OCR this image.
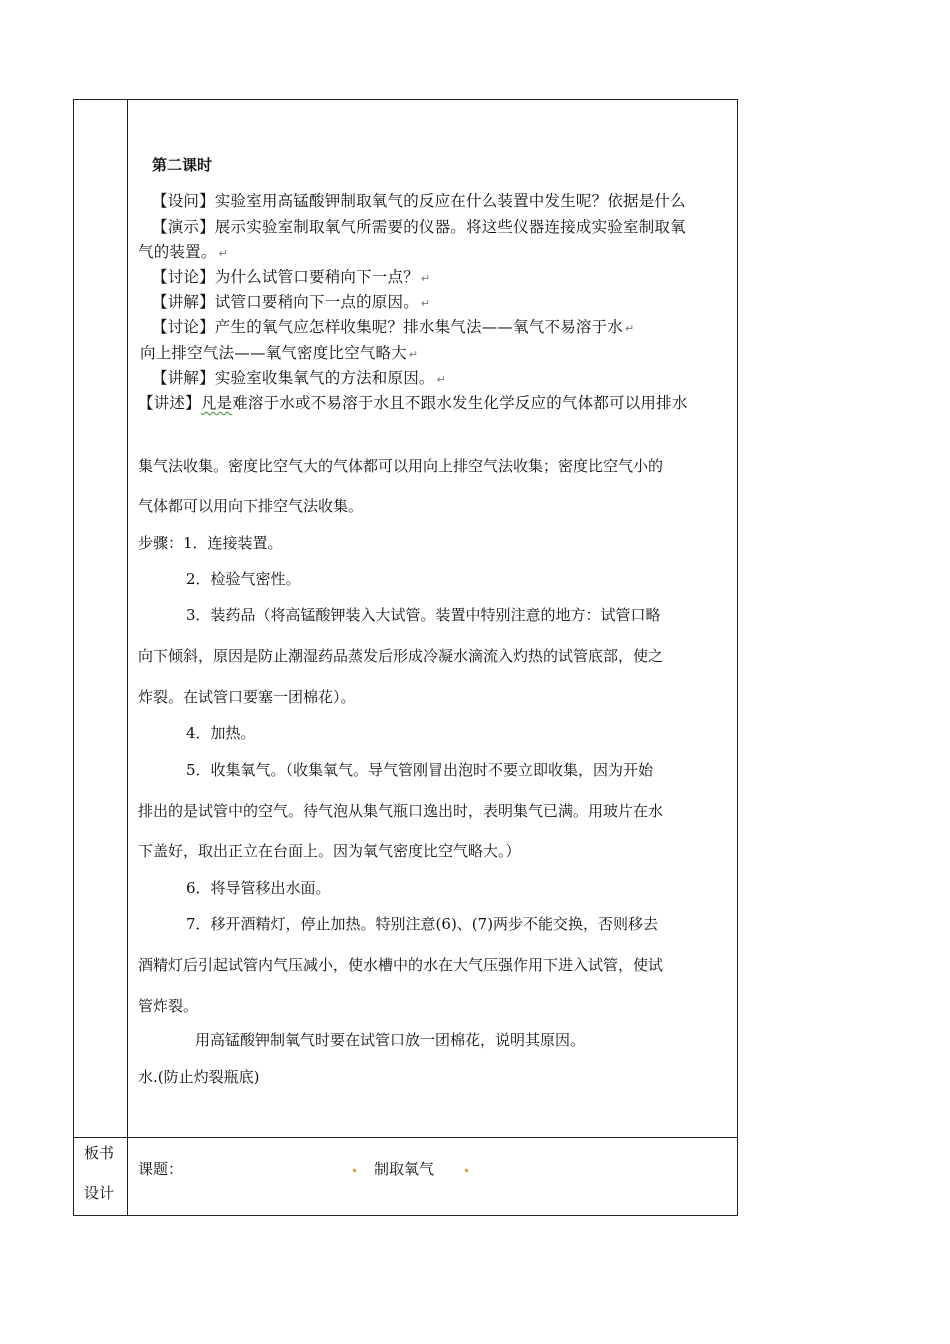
第二课时
【设问】实验室用高锰酸钾制取氧气的反应在什么装置中发生呢？依据是什么
【演示】展示实验室制取氧气所需要的仪器。将这些仪器连接成实验室制取氧
气的装置。 ↵
【讨论】为什么试管口要稍向下一点？ ↵
【讲解】试管口要稍向下一点的原因。 ↵
【讨论】产生的氧气应怎样收集呢？排水集气法——氧气不易溶于水 ↵
向上排空气法——氧气密度比空气略大 ↵
【讲解】实验室收集氧气的方法和原因。 ↵
【讲述】凡是难溶于水或不易溶于水且不跟水发生化学反应的气体都可以用排水
集气法收集。密度比空气大的气体都可以用向上排空气法收集；密度比空气小的
气体都可以用向下排空气法收集。
步骤：1．连接装置。
2．检验气密性。
3．装药品（将高锰酸钾装入大试管。装置中特别注意的地方：试管口略
向下倾斜，原因是防止潮湿药品蒸发后形成冷凝水滴流入灼热的试管底部，使之
炸裂。在试管口要塞一团棉花）。
4．加热。
5．收集氧气。（收集氧气。导气管刚冒出泡时不要立即收集，因为开始
排出的是试管中的空气。待气泡从集气瓶口逸出时，表明集气已满。用玻片在水
下盖好，取出正立在台面上。因为氧气密度比空气略大。）
6．将导管移出水面。
7．移开酒精灯，停止加热。特别注意(6)、(7)两步不能交换，否则移去
酒精灯后引起试管内气压减小，使水槽中的水在大气压强作用下进入试管，使试
管炸裂。
用高锰酸钾制氧气时要在试管口放一团棉花，说明其原因。
水.(防止灼裂瓶底)
板书
设计
课题：	制取氧气
